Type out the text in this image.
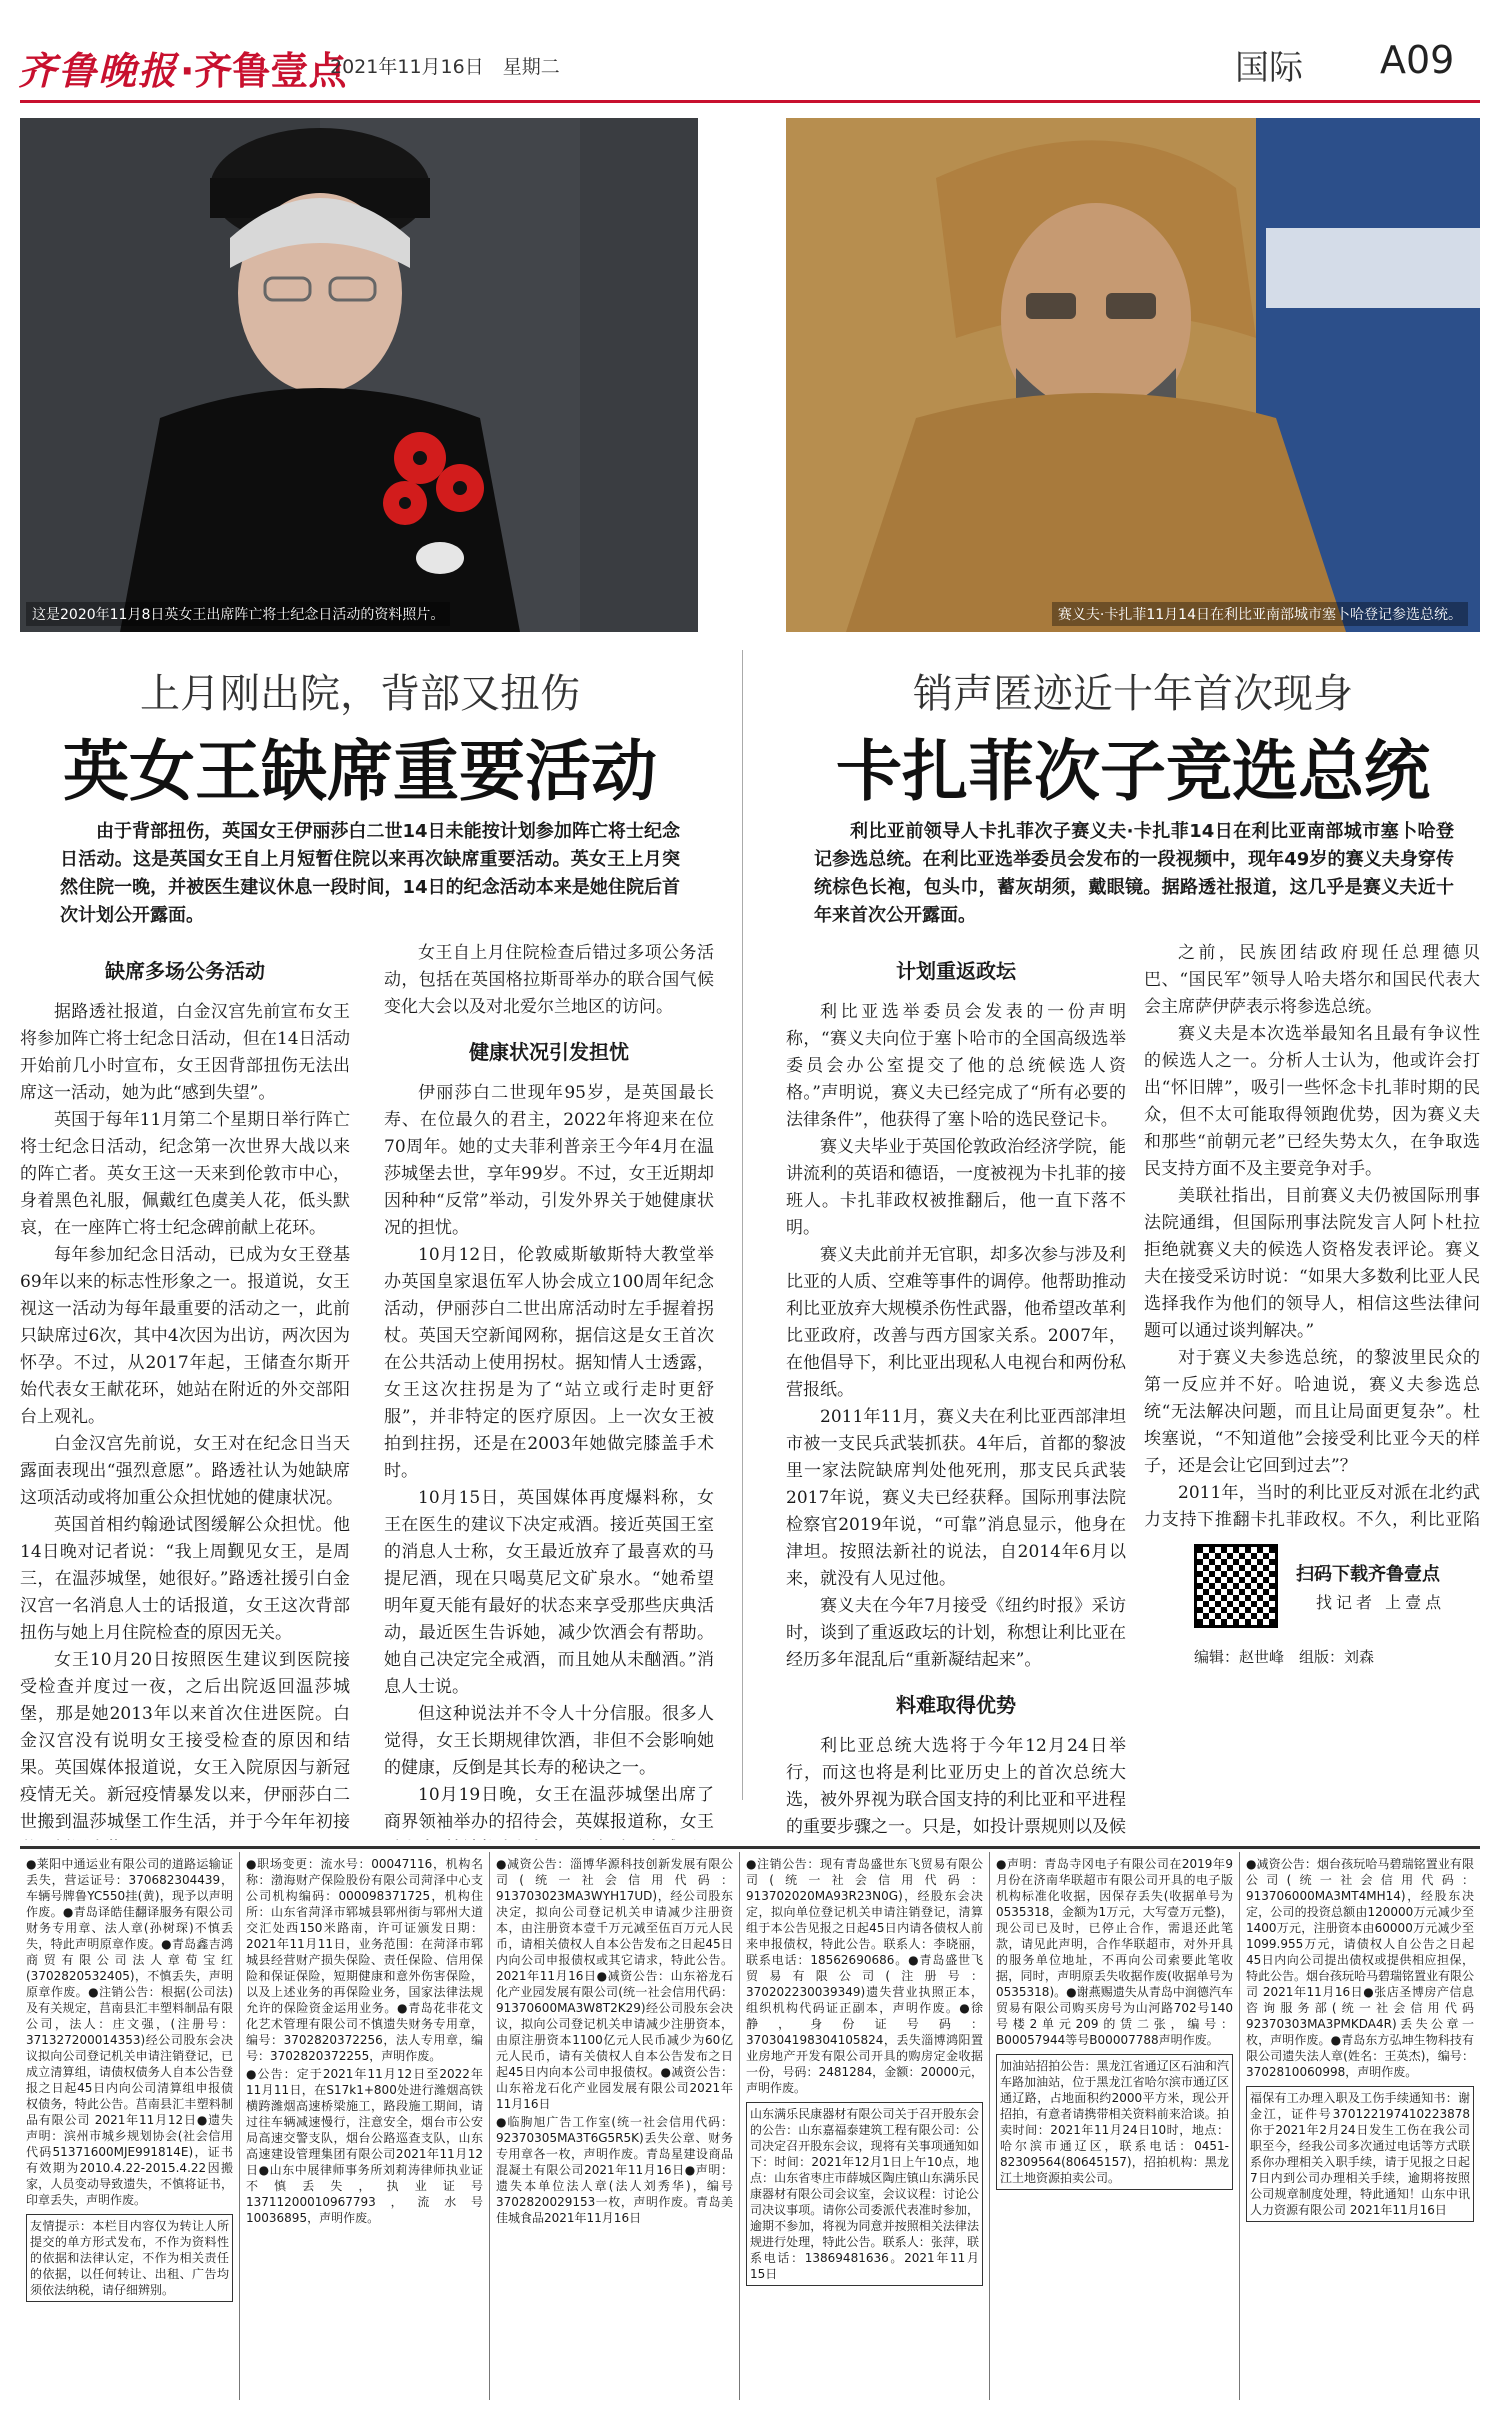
齐鲁晚报 ·齐鲁壹点
2021年11月16日　星期二	国际 A09
这是2020年11月8日英女王出席阵亡将士纪念日活动的资料照片。	赛义夫·卡扎菲11月14日在利比亚南部城市塞卜哈登记参选总统。
上月刚出院，背部又扭伤
英女王缺席重要活动
销声匿迹近十年首次现身
卡扎菲次子竞选总统
由于背部扭伤，英国女王伊丽莎白二世14日未能按计划参加阵亡将士纪念日活动。这是英国女王自上月短暂住院以来再次缺席重要活动。英女王上月突然住院一晚，并被医生建议休息一段时间，14日的纪念活动本来是她住院后首次计划公开露面。
利比亚前领导人卡扎菲次子赛义夫·卡扎菲14日在利比亚南部城市塞卜哈登记参选总统。在利比亚选举委员会发布的一段视频中，现年49岁的赛义夫身穿传统棕色长袍，包头巾，蓄灰胡须，戴眼镜。据路透社报道，这几乎是赛义夫近十年来首次公开露面。
缺席多场公务活动

据路透社报道，白金汉宫先前宣布女王将参加阵亡将士纪念日活动，但在14日活动开始前几小时宣布，女王因背部扭伤无法出席这一活动，她为此“感到失望”。

英国于每年11月第二个星期日举行阵亡将士纪念日活动，纪念第一次世界大战以来的阵亡者。英女王这一天来到伦敦市中心，身着黑色礼服，佩戴红色虞美人花，低头默哀，在一座阵亡将士纪念碑前献上花环。

每年参加纪念日活动，已成为女王登基69年以来的标志性形象之一。报道说，女王视这一活动为每年最重要的活动之一，此前只缺席过6次，其中4次因为出访，两次因为怀孕。不过，从2017年起，王储查尔斯开始代表女王献花环，她站在附近的外交部阳台上观礼。

白金汉宫先前说，女王对在纪念日当天露面表现出“强烈意愿”。路透社认为她缺席这项活动或将加重公众担忧她的健康状况。

英国首相约翰逊试图缓解公众担忧。他14日晚对记者说：“我上周觐见女王，是周三，在温莎城堡，她很好。”路透社援引白金汉宫一名消息人士的话报道，女王这次背部扭伤与她上月住院检查的原因无关。

女王10月20日按照医生建议到医院接受检查并度过一夜，之后出院返回温莎城堡，那是她2013年以来首次住进医院。白金汉宫没有说明女王接受检查的原因和结果。英国媒体报道说，女王入院原因与新冠疫情无关。新冠疫情暴发以来，伊丽莎白二世搬到温莎城堡工作生活，并于今年年初接

女王自上月住院检查后错过多项公务活动，包括在英国格拉斯哥举办的联合国气候变化大会以及对北爱尔兰地区的访问。

健康状况引发担忧

伊丽莎白二世现年95岁，是英国最长寿、在位最久的君主，2022年将迎来在位70周年。她的丈夫菲利普亲王今年4月在温莎城堡去世，享年99岁。不过，女王近期却因种种“反常”举动，引发外界关于她健康状况的担忧。

10月12日，伦敦威斯敏斯特大教堂举办英国皇家退伍军人协会成立100周年纪念活动，伊丽莎白二世出席活动时左手握着拐杖。英国天空新闻网称，据信这是女王首次在公共活动上使用拐杖。据知情人士透露，女王这次拄拐是为了“站立或行走时更舒服”，并非特定的医疗原因。上一次女王被拍到拄拐，还是在2003年她做完膝盖手术时。

10月15日，英国媒体再度爆料称，女王在医生的建议下决定戒酒。接近英国王室的消息人士称，女王最近放弃了最喜欢的马提尼酒，现在只喝莫尼文矿泉水。“她希望明年夏天能有最好的状态来享受那些庆典活动，最近医生告诉她，减少饮酒会有帮助。她自己决定完全戒酒，而且她从未酗酒。”消息人士说。

但这种说法并不令人十分信服。很多人觉得，女王长期规律饮酒，非但不会影响她的健康，反倒是其长寿的秘诀之一。

10月19日晚，女王在温莎城堡出席了商界领袖举办的招待会，英媒报道称，女王

计划重返政坛

利比亚选举委员会发表的一份声明称，“赛义夫向位于塞卜哈市的全国高级选举委员会办公室提交了他的总统候选人资格。”声明说，赛义夫已经完成了“所有必要的法律条件”，他获得了塞卜哈的选民登记卡。

赛义夫毕业于英国伦敦政治经济学院，能讲流利的英语和德语，一度被视为卡扎菲的接班人。卡扎菲政权被推翻后，他一直下落不明。

赛义夫此前并无官职，却多次参与涉及利比亚的人质、空难等事件的调停。他帮助推动利比亚放弃大规模杀伤性武器，他希望改革利比亚政府，改善与西方国家关系。2007年，在他倡导下，利比亚出现私人电视台和两份私营报纸。

2011年11月，赛义夫在利比亚西部津坦市被一支民兵武装抓获。4年后，首都的黎波里一家法院缺席判处他死刑，那支民兵武装2017年说，赛义夫已经获释。国际刑事法院检察官2019年说，“可靠”消息显示，他身在津坦。按照法新社的说法，自2014年6月以来，就没有人见过他。

赛义夫在今年7月接受《纽约时报》采访时，谈到了重返政坛的计划，称想让利比亚在经历多年混乱后“重新凝结起来”。

料难取得优势

利比亚总统大选将于今年12月24日举行，而这也将是利比亚历史上的首次总统大选，被外界视为联合国支持的利比亚和平进程的重要步骤之一。只是，如投计票规则以及候

之前，民族团结政府现任总理德贝巴、“国民军”领导人哈夫塔尔和国民代表大会主席萨伊萨表示将参选总统。

赛义夫是本次选举最知名且最有争议性的候选人之一。分析人士认为，他或许会打出“怀旧牌”，吸引一些怀念卡扎菲时期的民众，但不太可能取得领跑优势，因为赛义夫和那些“前朝元老”已经失势太久，在争取选民支持方面不及主要竞争对手。

美联社指出，目前赛义夫仍被国际刑事法院通缉，但国际刑事法院发言人阿卜杜拉拒绝就赛义夫的候选人资格发表评论。赛义夫在接受采访时说：“如果大多数利比亚人民选择我作为他们的领导人，相信这些法律问题可以通过谈判解决。”

对于赛义夫参选总统，的黎波里民众的第一反应并不好。哈迪说，赛义夫参选总统“无法解决问题，而且让局面更复杂”。杜埃塞说，“不知道他”会接受利比亚今天的样子，还是会让它回到过去”？

2011年，当时的利比亚反对派在北约武力支持下推翻卡扎菲政权。不久，利比亚陷

扫码下载齐鲁壹点
找记者 上壹点
编辑：赵世峰　组版：刘森

●莱阳中通运业有限公司的道路运输证丢失，营运证号：370682304439，车辆号牌鲁YC550挂(黄)，现予以声明作废。●青岛译皓佳翻译服务有限公司财务专用章、法人章(孙树琛)不慎丢失，特此声明原章作废。●青岛鑫吉鸿商贸有限公司法人章荀宝红(3702820532405)，不慎丢失，声明原章作废。●注销公告：根据(公司法)及有关规定，莒南县汇丰塑料制品有限公司，法人：庄文强，(注册号：371327200014353)经公司股东会决议拟向公司登记机关申请注销登记，已成立清算组，请债权债务人自本公告登报之日起45日内向公司清算组申报债权债务，特此公告。莒南县汇丰塑料制品有限公司 2021年11月12日●遗失声明：滨州市城乡规划协会(社会信用代码51371600MJE991814E)，证书有效期为2010.4.22-2015.4.22因搬家，人员变动导致遗失，不慎将证书，印章丢失，声明作废。

友情提示：本栏目内容仅为转让人所提交的单方形式发布，不作为资料性的依据和法律认定，不作为相关责任的依据，以任何转让、出租、广告均须依法纳税，请仔细辨别。

●职场变更：流水号：00047116，机构名称：渤海财产保险股份有限公司菏泽中心支公司机构编码：000098371725，机构住所：山东省菏泽市郓城县郓州街与郓州大道交汇处西150米路南，许可证颁发日期：2021年11月11日，业务范围：在菏泽市郓城县经营财产损失保险、责任保险、信用保险和保证保险，短期健康和意外伤害保险，以及上述业务的再保险业务，国家法律法规允许的保险资金运用业务。●青岛花非花文化艺术管理有限公司不慎遗失财务专用章，编号：3702820372256，法人专用章，编号：3702820372255，声明作废。

●公告：定于2021年11月12日至2022年11月11日，在S17k1+800处进行潍烟高铁横跨潍烟高速桥梁施工，路段施工期间，请过往车辆减速慢行，注意安全，烟台市公安局高速交警支队，烟台公路巡查支队，山东高速建设管理集团有限公司2021年11月12日●山东中展律师事务所刘莉涛律师执业证不慎丢失，执业证号13711200010967793，流水号10036895，声明作废。

●减资公告：淄博华源科技创新发展有限公司(统一社会信用代码：913703023MA3WYH17UD)，经公司股东决定，拟向公司登记机关申请减少注册资本，由注册资本壹千万元减至伍百万元人民币，请相关债权人自本公告发布之日起45日内向公司申报债权或其它请求，特此公告。2021年11月16日●减资公告：山东裕龙石化产业园发展有限公司(统一社会信用代码：91370600MA3W8T2K29)经公司股东会决议，拟向公司登记机关申请减少注册资本，由原注册资本1100亿元人民币减少为60亿元人民币，请有关债权人自本公告发布之日起45日内向本公司申报债权。●减资公告：山东裕龙石化产业园发展有限公司2021年11月16日

●临朐旭广告工作室(统一社会信用代码：92370305MA3T6G5R5K)丢失公章、财务专用章各一枚，声明作废。青岛星建设商品混凝土有限公司2021年11月16日●声明：遗失本单位法人章(法人刘秀华)，编号3702820029153一枚，声明作废。青岛美佳城食品2021年11月16日

●注销公告：现有青岛盛世东飞贸易有限公司(统一社会信用代码：913702020MA93R23N0G)，经股东会决定，拟向单位登记机关申请注销登记，清算组于本公告见报之日起45日内请各债权人前来申报债权，特此公告。联系人：李晓丽，联系电话：18562690686。●青岛盛世飞贸易有限公司(注册号：370202230039349)遗失营业执照正本，组织机构代码证正副本，声明作废。●徐静，身份证号码：370304198304105824，丢失淄博鸿阳置业房地产开发有限公司开具的购房定金收据一份，号码：2481284，金额：20000元，声明作废。

山东满乐民康器材有限公司关于召开股东会的公告：山东嘉福泰建筑工程有限公司：公司决定召开股东会议，现将有关事项通知如下：时间：2021年12月1日上午10点，地点：山东省枣庄市薛城区陶庄镇山东满乐民康器材有限公司会议室，会议议程：讨论公司决议事项。请你公司委派代表准时参加，逾期不参加，将视为同意并按照相关法律法规进行处理，特此公告。联系人：张萍，联系电话：13869481636。2021年11月15日

●声明：青岛寺冈电子有限公司在2019年9月份在济南华联超市有限公司开具的电子版机构标准化收据，因保存丢失(收据单号为0535318，金额为1万元，大写壹万元整)，现公司已及时，已停止合作，需退还此笔款，请见此声明，合作华联超市，对外开具的服务单位地址，不再向公司索要此笔收据，同时，声明原丢失收据作废(收据单号为0535318)。●谢燕赐遗失从青岛中润德汽车贸易有限公司购买房号为山河路702号140号楼2单元209的赁二张，编号：B00057944等号B00007788声明作废。

加油站招拍公告：黑龙江省通辽区石油和汽车路加油站，位于黑龙江省哈尔滨市通辽区通辽路，占地面积约2000平方米，现公开招拍，有意者请携带相关资料前来洽谈。拍卖时间：2021年11月24日10时，地点：哈尔滨市通辽区，联系电话：0451-82309564(80645157)，招拍机构：黑龙江土地资源拍卖公司。

●减资公告：烟台孩玩哈马碧瑞铭置业有限公司(统一社会信用代码：913706000MA3MT4MH14)，经股东决定，公司的投资总额由120000万元减少至1400万元，注册资本由60000万元减少至1099.955万元，请债权人自公告之日起45日内向公司提出债权或提供相应担保，特此公告。烟台孩玩哈马碧瑞铭置业有限公司 2021年11月16日●张店圣博房产信息咨询服务部(统一社会信用代码92370303MA3PMKDA4R)丢失公章一枚，声明作废。●青岛东方弘坤生物科技有限公司遗失法人章(姓名：王英杰)，编号：3702810060998，声明作废。

福保有工办理入职及工伤手续通知书：谢金江，证件号370122197410223878你于2021年2月24日发生工伤在我公司职至今，经我公司多次通过电话等方式联系你办理相关入职手续，请于见报之日起7日内到公司办理相关手续，逾期将按照公司规章制度处理，特此通知！山东中讯人力资源有限公司 2021年11月16日
